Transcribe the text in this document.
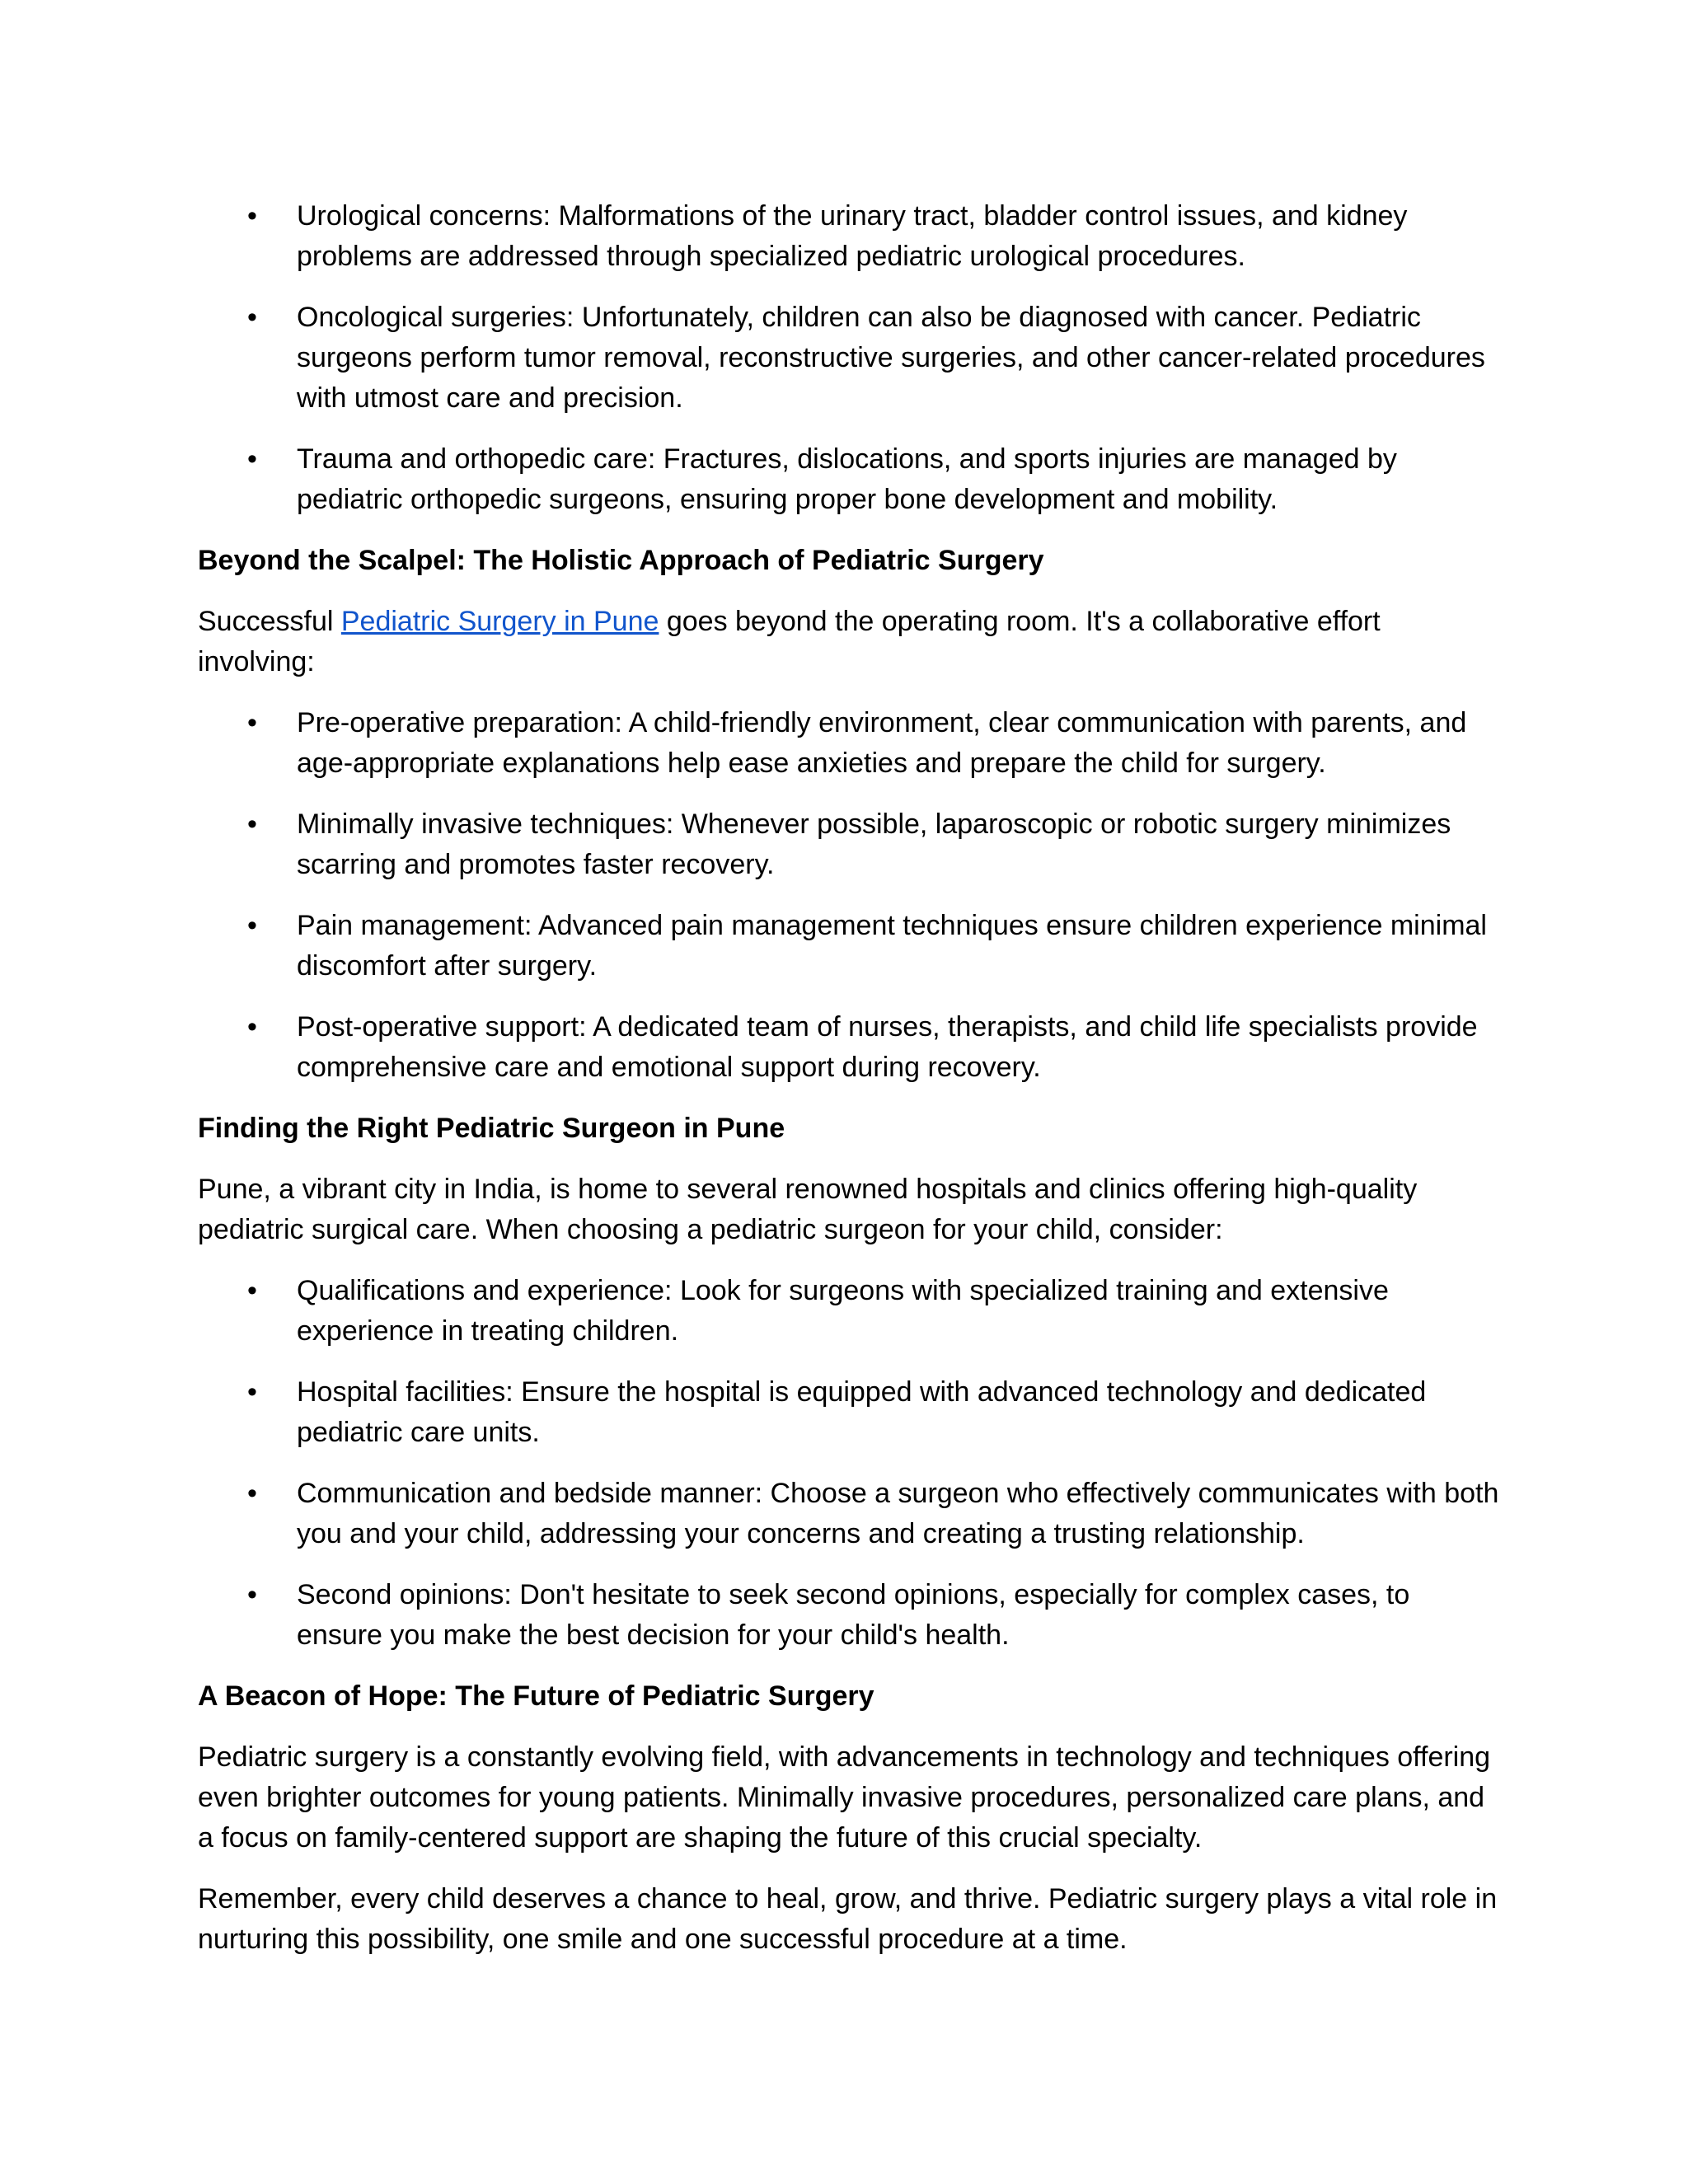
• Urological concerns: Malformations of the urinary tract, bladder control issues, and kidney problems are addressed through specialized pediatric urological procedures.
• Oncological surgeries: Unfortunately, children can also be diagnosed with cancer. Pediatric surgeons perform tumor removal, reconstructive surgeries, and other cancer-related procedures with utmost care and precision.
• Trauma and orthopedic care: Fractures, dislocations, and sports injuries are managed by pediatric orthopedic surgeons, ensuring proper bone development and mobility.
Beyond the Scalpel: The Holistic Approach of Pediatric Surgery
Successful Pediatric Surgery in Pune goes beyond the operating room. It's a collaborative effort involving:
• Pre-operative preparation: A child-friendly environment, clear communication with parents, and age-appropriate explanations help ease anxieties and prepare the child for surgery.
• Minimally invasive techniques: Whenever possible, laparoscopic or robotic surgery minimizes scarring and promotes faster recovery.
• Pain management: Advanced pain management techniques ensure children experience minimal discomfort after surgery.
• Post-operative support: A dedicated team of nurses, therapists, and child life specialists provide comprehensive care and emotional support during recovery.
Finding the Right Pediatric Surgeon in Pune
Pune, a vibrant city in India, is home to several renowned hospitals and clinics offering high-quality pediatric surgical care. When choosing a pediatric surgeon for your child, consider:
• Qualifications and experience: Look for surgeons with specialized training and extensive experience in treating children.
• Hospital facilities: Ensure the hospital is equipped with advanced technology and dedicated pediatric care units.
• Communication and bedside manner: Choose a surgeon who effectively communicates with both you and your child, addressing your concerns and creating a trusting relationship.
• Second opinions: Don't hesitate to seek second opinions, especially for complex cases, to ensure you make the best decision for your child's health.
A Beacon of Hope: The Future of Pediatric Surgery
Pediatric surgery is a constantly evolving field, with advancements in technology and techniques offering even brighter outcomes for young patients. Minimally invasive procedures, personalized care plans, and a focus on family-centered support are shaping the future of this crucial specialty.
Remember, every child deserves a chance to heal, grow, and thrive. Pediatric surgery plays a vital role in nurturing this possibility, one smile and one successful procedure at a time.
